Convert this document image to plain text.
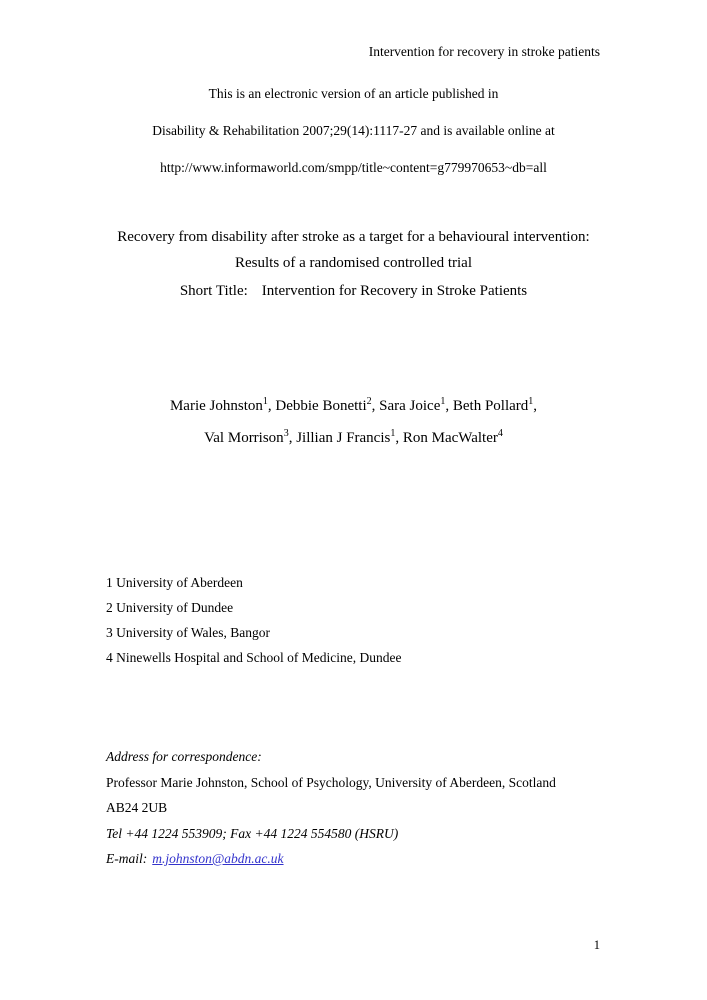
Intervention for recovery in stroke patients

This is an electronic version of an article published in

Disability & Rehabilitation 2007;29(14):1117-27 and is available online at

http://www.informaworld.com/smpp/title~content=g779970653~db=all

Recovery from disability after stroke as a target for a behavioural intervention: Results of a randomised controlled trial

Short Title: Intervention for Recovery in Stroke Patients

Marie Johnston$^1$, Debbie Bonetti$^2$, Sara Joice$^1$, Beth Pollard$^1$,

Val Morrison$^3$, Jillian J Francis$^1$, Ron MacWalter$^4$

1 University of Aberdeen

2 University of Dundee

3 University of Wales, Bangor

4 Ninewells Hospital and School of Medicine, Dundee

Address for correspondence:

Professor Marie Johnston, School of Psychology, University of Aberdeen, Scotland

AB24 2UB

Tel +44 1224 553909; Fax +44 1224 554580 (HSRU)

E-mail: m.johnston@abdn.ac.uk

1
